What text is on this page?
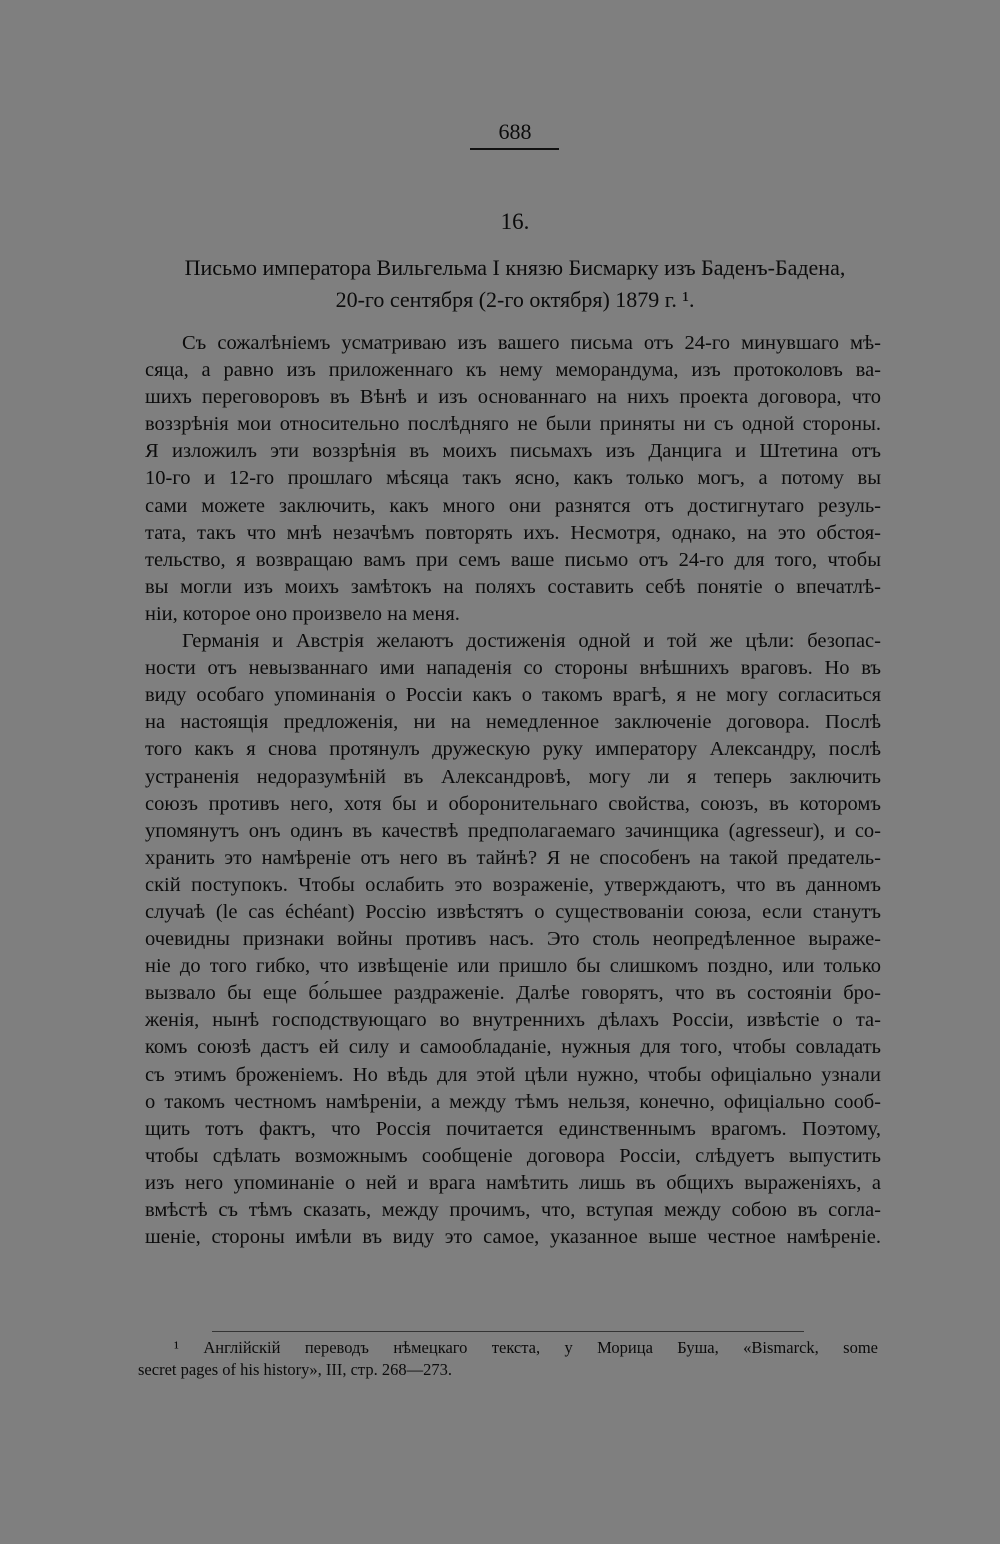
688
16.
Письмо императора Вильгельма I князю Бисмарку изъ Баденъ-Бадена,
20-го сентября (2-го октября) 1879 г. ¹.
Съ сожалѣніемъ усматриваю изъ вашего письма отъ 24-го минувшаго мѣ-
сяца, а равно изъ приложеннаго къ нему меморандума, изъ протоколовъ ва-
шихъ переговоровъ въ Вѣнѣ и изъ основаннаго на нихъ проекта договора, что
воззрѣнія мои относительно послѣдняго не были приняты ни съ одной стороны.
Я изложилъ эти воззрѣнія въ моихъ письмахъ изъ Данцига и Штетина отъ
10-го и 12-го прошлаго мѣсяца такъ ясно, какъ только могъ, а потому вы
сами можете заключить, какъ много они разнятся отъ достигнутаго резуль-
тата, такъ что мнѣ незачѣмъ повторять ихъ. Несмотря, однако, на это обстоя-
тельство, я возвращаю вамъ при семъ ваше письмо отъ 24-го для того, чтобы
вы могли изъ моихъ замѣтокъ на поляхъ составить себѣ понятіе о впечатлѣ-
ніи, которое оно произвело на меня.
Германія и Австрія желаютъ достиженія одной и той же цѣли: безопас-
ности отъ невызваннаго ими нападенія со стороны внѣшнихъ враговъ. Но въ
виду особаго упоминанія о Россіи какъ о такомъ врагѣ, я не могу согласиться
на настоящія предложенія, ни на немедленное заключеніе договора. Послѣ
того какъ я снова протянулъ дружескую руку императору Александру, послѣ
устраненія недоразумѣній въ Александровѣ, могу ли я теперь заключить
союзъ противъ него, хотя бы и оборонительнаго свойства, союзъ, въ которомъ
упомянутъ онъ одинъ въ качествѣ предполагаемаго зачинщика (agresseur), и со-
хранить это намѣреніе отъ него въ тайнѣ? Я не способенъ на такой предатель-
скій поступокъ. Чтобы ослабить это возраженіе, утверждаютъ, что въ данномъ
случаѣ (le cas échéant) Россію извѣстятъ о существованіи союза, если станутъ
очевидны признаки войны противъ насъ. Это столь неопредѣленное выраже-
ніе до того гибко, что извѣщеніе или пришло бы слишкомъ поздно, или только
вызвало бы еще бо́льшее раздраженіе. Далѣе говорятъ, что въ состояніи бро-
женія, нынѣ господствующаго во внутреннихъ дѣлахъ Россіи, извѣстіе о та-
комъ союзѣ дастъ ей силу и самообладаніе, нужныя для того, чтобы совладать
съ этимъ броженіемъ. Но вѣдь для этой цѣли нужно, чтобы офиціально узнали
о такомъ честномъ намѣреніи, а между тѣмъ нельзя, конечно, офиціально сооб-
щить тотъ фактъ, что Россія почитается единственнымъ врагомъ. Поэтому,
чтобы сдѣлать возможнымъ сообщеніе договора Россіи, слѣдуетъ выпустить
изъ него упоминаніе о ней и врага намѣтить лишь въ общихъ выраженіяхъ, а
вмѣстѣ съ тѣмъ сказать, между прочимъ, что, вступая между собою въ согла-
шеніе, стороны имѣли въ виду это самое, указанное выше честное намѣреніе.
¹ Англійскій переводъ нѣмецкаго текста, у Морица Буша, «Bismarck, some
secret pages of his history», III, стр. 268—273.
